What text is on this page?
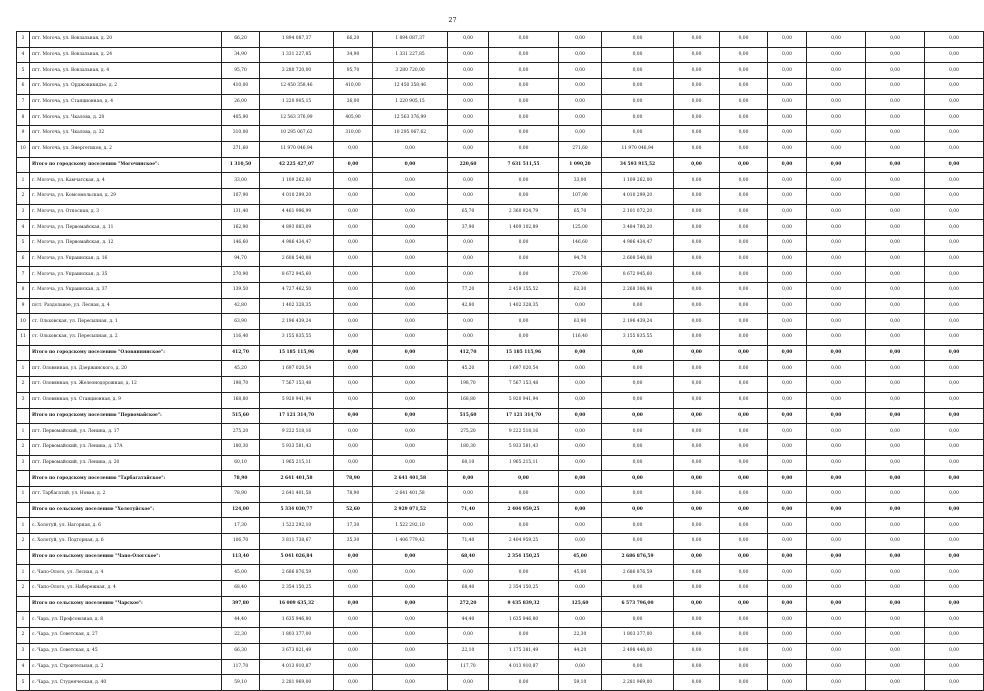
27
3	пгт. Могоча, ул. Вокзальная, д. 20	66,20	1 894 087,37	66,20	1 894 087,37	0,00	0,00	0,00	0,00	0,00	0,00	0,00	0,00	0,00	0,00
4	пгт. Могоча, ул. Вокзальная, д. 24	34,90	1 331 227,85	34,90	1 331 227,85	0,00	0,00	0,00	0,00	0,00	0,00	0,00	0,00	0,00	0,00
5	пгт. Могоча, ул. Вокзальная, д. 4	95,70	3 280 720,00	95,70	3 280 720,00	0,00	0,00	0,00	0,00	0,00	0,00	0,00	0,00	0,00	0,00
6	пгт. Могоча, ул. Орджоникидзе, д. 2	410,00	12 450 358,46	410,00	12 450 358,46	0,00	0,00	0,00	0,00	0,00	0,00	0,00	0,00	0,00	0,00
7	пгт. Могоча, ул. Станционная, д. 4	26,00	1 220 905,15	26,00	1 220 905,15	0,00	0,00	0,00	0,00	0,00	0,00	0,00	0,00	0,00	0,00
8	пгт. Могоча, ул. Чкалова, д. 28	405,90	12 563 376,99	405,90	12 563 376,99	0,00	0,00	0,00	0,00	0,00	0,00	0,00	0,00	0,00	0,00
9	пгт. Могоча, ул. Чкалова, д. 32	310,00	10 295 067,62	310,00	10 295 067,62	0,00	0,00	0,00	0,00	0,00	0,00	0,00	0,00	0,00	0,00
10	пгт. Могоча, ул. Энергетиков, д. 2	271,60	11 970 046,94	0,00	0,00	0,00	0,00	271,60	11 970 046,94	0,00	0,00	0,00	0,00	0,00	0,00
	Итого по городскому поселению "Могочинское":	1 310,50	42 225 427,07	0,00	0,00	220,60	7 631 511,55	1 090,20	34 593 915,52	0,00	0,00	0,00	0,00	0,00	0,00
1	г. Могоча, ул. Камчатская, д. 4	33,00	1 109 262,00	0,00	0,00	0,00	0,00	33,00	1 109 262,00	0,00	0,00	0,00	0,00	0,00	0,00
2	г. Могоча, ул. Комсомольская, д. 29	107,90	4 010 299,20	0,00	0,00	0,00	0,00	107,90	4 010 299,20	0,00	0,00	0,00	0,00	0,00	0,00
3	г. Могоча, ул. Отпосная, д. 3	131,40	4 461 996,99	0,00	0,00	65,70	2 360 924,79	65,70	2 101 072,20	0,00	0,00	0,00	0,00	0,00	0,00
4	г. Могоча, ул. Первомайская, д. 11	162,90	4 893 883,09	0,00	0,00	37,90	1 409 102,89	125,00	3 484 780,20	0,00	0,00	0,00	0,00	0,00	0,00
5	г. Могоча, ул. Первомайская, д. 12	146,60	4 986 434,47	0,00	0,00	0,00	0,00	146,60	4 986 434,47	0,00	0,00	0,00	0,00	0,00	0,00
6	г. Могоча, ул. Украинская, д. 16	94,70	2 608 540,08	0,00	0,00	0,00	0,00	94,70	2 608 540,08	0,00	0,00	0,00	0,00	0,00	0,00
7	г. Могоча, ул. Украинская, д. 35	270,90	8 672 945,60	0,00	0,00	0,00	0,00	270,90	8 672 945,60	0,00	0,00	0,00	0,00	0,00	0,00
8	г. Могоча, ул. Украинская, д. 37	139,50	4 727 462,50	0,00	0,00	77,20	2 459 155,52	62,30	2 268 306,98	0,00	0,00	0,00	0,00	0,00	0,00
9	п/ст. Раздольное, ул. Лесная, д. 4	42,80	1 402 328,35	0,00	0,00	42,80	1 402 328,35	0,00	0,00	0,00	0,00	0,00	0,00	0,00	0,00
10	ст. Ольховская, ул. Пересыпная, д. 1	63,90	2 196 439,24	0,00	0,00	0,00	0,00	63,90	2 196 439,24	0,00	0,00	0,00	0,00	0,00	0,00
11	ст. Ольховская, ул. Пересыпная, д. 2	116,40	3 155 835,55	0,00	0,00	0,00	0,00	116,40	3 155 835,55	0,00	0,00	0,00	0,00	0,00	0,00
	Итого по городскому поселению "Оловяннинское":	412,70	15 185 115,96	0,00	0,00	412,70	15 185 115,96	0,00	0,00	0,00	0,00	0,00	0,00	0,00	0,00
1	пгт. Оловянная, ул. Дзержинского, д. 20	45,20	1 697 020,54	0,00	0,00	45,20	1 697 020,54	0,00	0,00	0,00	0,00	0,00	0,00	0,00	0,00
2	пгт. Оловянная, ул. Железнодорожная, д. 12	198,70	7 567 153,48	0,00	0,00	198,70	7 567 153,48	0,00	0,00	0,00	0,00	0,00	0,00	0,00	0,00
3	пгт. Оловянная, ул. Станционная, д. 9	168,80	5 920 941,94	0,00	0,00	168,80	5 920 941,94	0,00	0,00	0,00	0,00	0,00	0,00	0,00	0,00
	Итого по городскому поселению "Первомайское":	515,60	17 121 314,70	0,00	0,00	515,60	17 121 314,70	0,00	0,00	0,00	0,00	0,00	0,00	0,00	0,00
1	пгт. Первомайский, ул. Ленина, д. 17	275,20	9 222 518,16	0,00	0,00	275,20	9 222 518,16	0,00	0,00	0,00	0,00	0,00	0,00	0,00	0,00
2	пгт. Первомайский, ул. Ленина, д. 17А	180,30	5 933 581,43	0,00	0,00	180,30	5 933 581,43	0,00	0,00	0,00	0,00	0,00	0,00	0,00	0,00
3	пгт. Первомайский, ул. Ленина, д. 20	60,10	1 965 215,11	0,00	0,00	60,10	1 965 215,11	0,00	0,00	0,00	0,00	0,00	0,00	0,00	0,00
	Итого по городскому поселению "Тарбагатайское":	78,90	2 641 401,58	78,90	2 641 401,58	0,00	0,00	0,00	0,00	0,00	0,00	0,00	0,00	0,00	0,00
1	пгт. Тарбагатай, ул. Новая, д. 2	78,90	2 641 401,58	78,90	2 641 401,58	0,00	0,00	0,00	0,00	0,00	0,00	0,00	0,00	0,00	0,00
	Итого по сельскому поселению "Холотуйское":	124,00	5 334 030,77	52,60	2 929 071,52	71,40	2 404 959,25	0,00	0,00	0,00	0,00	0,00	0,00	0,00	0,00
1	с. Холотуй, ул. Нагорная, д. 6	17,30	1 522 292,10	17,30	1 522 292,10	0,00	0,00	0,00	0,00	0,00	0,00	0,00	0,00	0,00	0,00
2	с. Холотуй, ул. Подгорная, д. 6	106,70	3 811 738,67	35,30	1 406 779,42	71,40	2 404 959,25	0,00	0,00	0,00	0,00	0,00	0,00	0,00	0,00
	Итого по сельскому поселению "Чапо-Ологское":	113,40	5 041 026,84	0,00	0,00	68,40	2 354 150,25	45,00	2 686 876,59	0,00	0,00	0,00	0,00	0,00	0,00
1	с. Чапо-Олого, ул. Лесная, д. 4	45,00	2 686 876,59	0,00	0,00	0,00	0,00	45,00	2 686 876,59	0,00	0,00	0,00	0,00	0,00	0,00
2	с. Чапо-Олого, ул. Набережная, д. 4	68,40	2 354 150,25	0,00	0,00	68,40	2 354 150,25	0,00	0,00	0,00	0,00	0,00	0,00	0,00	0,00
	Итого по сельскому поселению "Чарское":	397,80	16 009 635,32	0,00	0,00	272,20	9 435 839,32	125,60	6 573 796,00	0,00	0,00	0,00	0,00	0,00	0,00
1	с. Чара, ул. Профсоюзная, д. 8	44,40	1 635 946,80	0,00	0,00	44,40	1 635 946,80	0,00	0,00	0,00	0,00	0,00	0,00	0,00	0,00
2	с. Чара, ул. Советская, д. 27	22,30	1 803 377,00	0,00	0,00	0,00	0,00	22,30	1 803 377,00	0,00	0,00	0,00	0,00	0,00	0,00
3	с. Чара, ул. Советская, д. 45	66,30	3 673 821,49	0,00	0,00	22,10	1 175 381,49	44,20	2 498 440,00	0,00	0,00	0,00	0,00	0,00	0,00
4	с. Чара, ул. Строительная, д. 2	117,70	4 013 910,87	0,00	0,00	117,70	4 013 910,87	0,00	0,00	0,00	0,00	0,00	0,00	0,00	0,00
5	с. Чара, ул. Студенческая, д. 40	59,10	2 281 969,00	0,00	0,00	0,00	0,00	59,10	2 281 969,00	0,00	0,00	0,00	0,00	0,00	0,00
